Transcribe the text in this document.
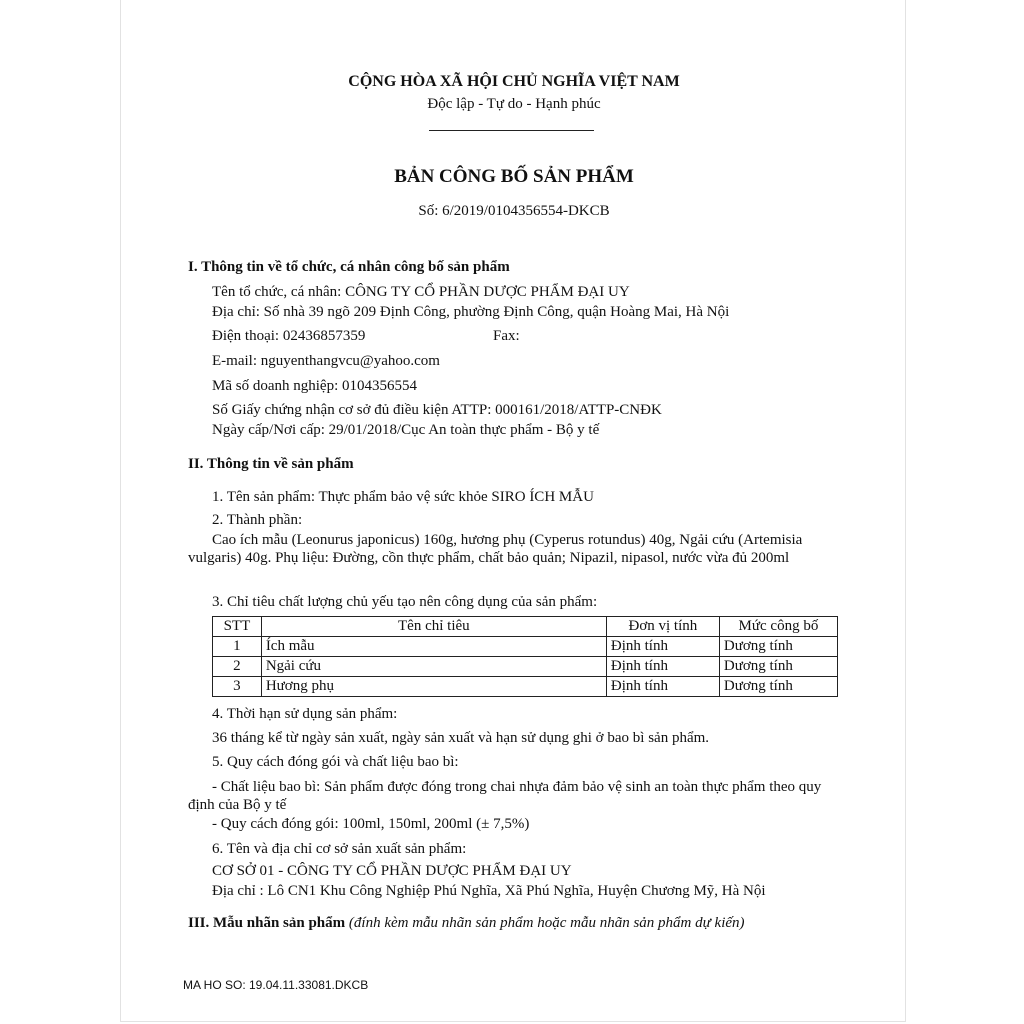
CỘNG HÒA XÃ HỘI CHỦ NGHĨA VIỆT NAM
Độc lập - Tự do - Hạnh phúc
BẢN CÔNG BỐ SẢN PHẨM
Số: 6/2019/0104356554-DKCB
I. Thông tin về tổ chức, cá nhân công bố sản phẩm
Tên tổ chức, cá nhân: CÔNG TY CỔ PHẦN DƯỢC PHẨM ĐẠI UY
Địa chỉ: Số nhà 39 ngõ 209 Định Công, phường Định Công, quận Hoàng Mai, Hà Nội
Điện thoại: 02436857359	Fax:
E-mail: nguyenthangvcu@yahoo.com
Mã số doanh nghiệp: 0104356554
Số Giấy chứng nhận cơ sở đủ điều kiện ATTP: 000161/2018/ATTP-CNĐK
Ngày cấp/Nơi cấp: 29/01/2018/Cục An toàn thực phẩm - Bộ y tế
II. Thông tin về sản phẩm
1. Tên sản phẩm: Thực phẩm bảo vệ sức khỏe SIRO ÍCH MẪU
2. Thành phần:
Cao ích mẫu (Leonurus japonicus) 160g, hương phụ (Cyperus rotundus) 40g, Ngải cứu (Artemisia vulgaris) 40g. Phụ liệu: Đường, cồn thực phẩm, chất bảo quản; Nipazil, nipasol, nước vừa đủ 200ml
3. Chỉ tiêu chất lượng chủ yếu tạo nên công dụng của sản phẩm:
STT	Tên chỉ tiêu	Đơn vị tính	Mức công bố
1	Ích mẫu	Định tính	Dương tính
2	Ngải cứu	Định tính	Dương tính
3	Hương phụ	Định tính	Dương tính
4. Thời hạn sử dụng sản phẩm:
36 tháng kể từ ngày sản xuất, ngày sản xuất và hạn sử dụng ghi ở bao bì sản phẩm.
5. Quy cách đóng gói và chất liệu bao bì:
- Chất liệu bao bì: Sản phẩm được đóng trong chai nhựa đảm bảo vệ sinh an toàn thực phẩm theo quy định của Bộ y tế
- Quy cách đóng gói: 100ml, 150ml, 200ml (± 7,5%)
6. Tên và địa chỉ cơ sở sản xuất sản phẩm:
CƠ SỞ 01 - CÔNG TY CỔ PHẦN DƯỢC PHẨM ĐẠI UY
Địa chỉ : Lô CN1 Khu Công Nghiệp Phú Nghĩa, Xã Phú Nghĩa, Huyện Chương Mỹ, Hà Nội
III. Mẫu nhãn sản phẩm (đính kèm mẫu nhãn sản phẩm hoặc mẫu nhãn sản phẩm dự kiến)
MA HO SO: 19.04.11.33081.DKCB
